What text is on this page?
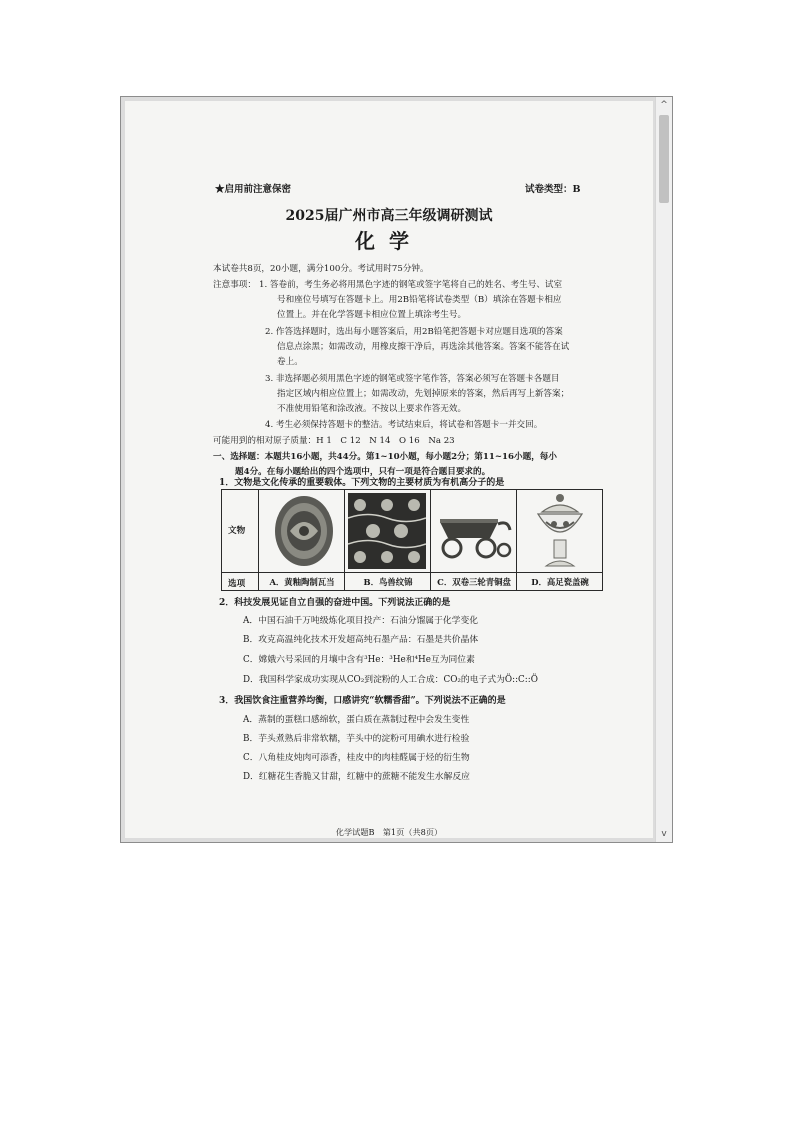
★启用前注意保密	试卷类型：B
2025届广州市高三年级调研测试
化学
本试卷共8页，20小题，满分100分。考试用时75分钟。
注意事项： 1. 答卷前，考生务必将用黑色字迹的钢笔或签字笔将自己的姓名、考生号、试室
号和座位号填写在答题卡上。用2B铅笔将试卷类型（B）填涂在答题卡相应
位置上。并在化学答题卡相应位置上填涂考生号。
2. 作答选择题时，选出每小题答案后，用2B铅笔把答题卡对应题目选项的答案
信息点涂黑；如需改动，用橡皮擦干净后，再选涂其他答案。答案不能答在试
卷上。
3. 非选择题必须用黑色字迹的钢笔或签字笔作答，答案必须写在答题卡各题目
指定区域内相应位置上；如需改动，先划掉原来的答案，然后再写上新答案；
不准使用铅笔和涂改液。不按以上要求作答无效。
4. 考生必须保持答题卡的整洁。考试结束后，将试卷和答题卡一并交回。
可能用到的相对原子质量：H 1　C 12　N 14　O 16　Na 23
一、选择题：本题共16小题，共44分。第1~10小题，每小题2分；第11~16小题，每小
题4分。在每小题给出的四个选项中，只有一项是符合题目要求的。
1．文物是文化传承的重要载体。下列文物的主要材质为有机高分子的是
文物
选项	A．黄釉陶制瓦当	B．鸟兽纹锦	C．双卷三轮青铜盘	D．高足瓷盖碗
2．科技发展见证自立自强的奋进中国。下列说法正确的是
A．中国石油千万吨级炼化项目投产：石油分馏属于化学变化
B．攻克高温纯化技术开发超高纯石墨产品：石墨是共价晶体
C．嫦娥六号采回的月壤中含有³He：³He和⁴He互为同位素
D．我国科学家成功实现从CO₂到淀粉的人工合成：CO₂的电子式为Ö::C::Ö
3．我国饮食注重营养均衡，口感讲究“软糯香甜”。下列说法不正确的是
A．蒸制的蛋糕口感绵软，蛋白质在蒸制过程中会发生变性
B．芋头煮熟后非常软糯，芋头中的淀粉可用碘水进行检验
C．八角桂皮炖肉可添香，桂皮中的肉桂醛属于烃的衍生物
D．红糖花生香脆又甘甜，红糖中的蔗糖不能发生水解反应
化学试题B　第1页（共8页）
^
v
